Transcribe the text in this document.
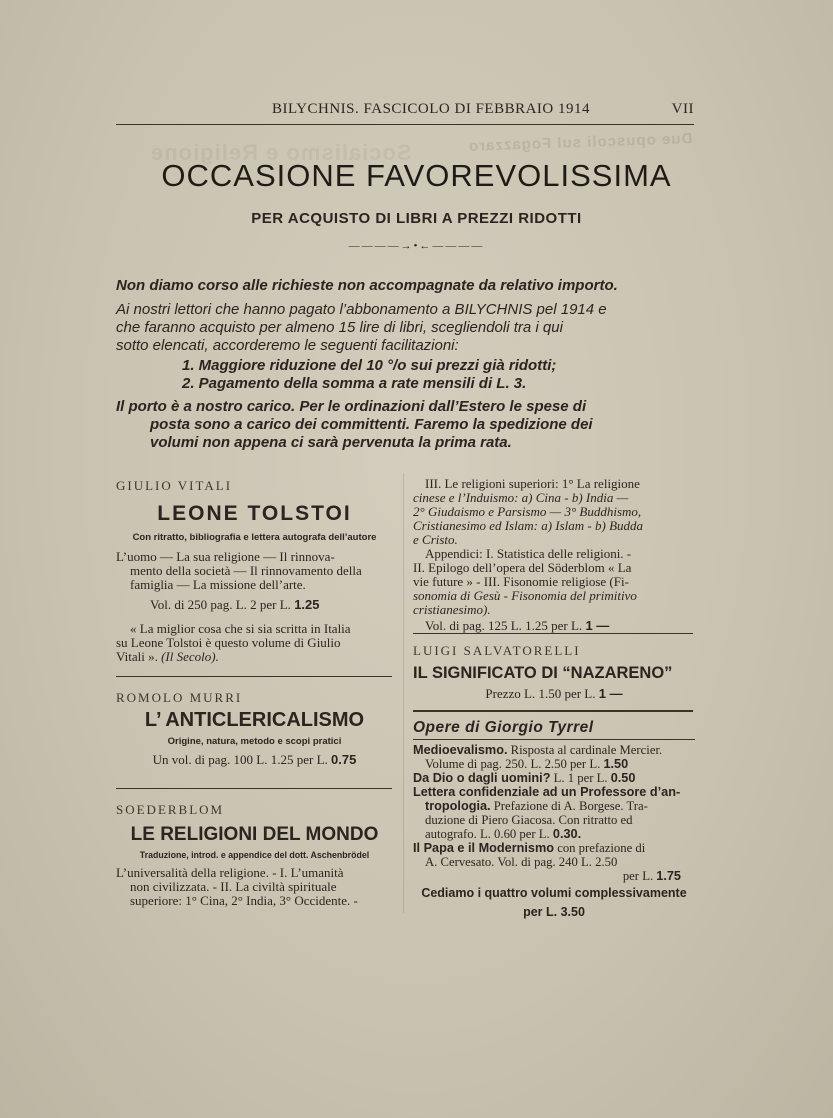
Due opuscoli sul Fogazzaro
Socialismo e Religione
BILYCHNIS. FASCICOLO DI FEBBRAIO 1914	VII
OCCASIONE FAVOREVOLISSIMA
PER ACQUISTO DI LIBRI A PREZZI RIDOTTI
————→•←————
Non diamo corso alle richieste non accompagnate da relativo importo.
Ai nostri lettori che hanno pagato l’abbonamento a BILYCHNIS pel 1914 e
che faranno acquisto per almeno 15 lire di libri, scegliendoli tra i qui
sotto elencati, accorderemo le seguenti facilitazioni:
1. Maggiore riduzione del 10 °/o sui prezzi già ridotti;
2. Pagamento della somma a rate mensili di L. 3.
Il porto è a nostro carico. Per le ordinazioni dall’Estero le spese di
posta sono a carico dei committenti. Faremo la spedizione dei
volumi non appena ci sarà pervenuta la prima rata.
GIULIO VITALI
LEONE TOLSTOI
Con ritratto, bibliografia e lettera autografa dell’autore
L’uomo — La sua religione — Il rinnova-
mento della società — Il rinnovamento della
famiglia — La missione dell’arte.
Vol. di 250 pag. L. 2 per L. 1.25
« La miglior cosa che si sia scritta in Italia
su Leone Tolstoi è questo volume di Giulio
Vitali ». (Il Secolo).
ROMOLO MURRI
L’ ANTICLERICALISMO
Origine, natura, metodo e scopi pratici
Un vol. di pag. 100 L. 1.25 per L. 0.75
SOEDERBLOM
LE RELIGIONI DEL MONDO
Traduzione, introd. e appendice del dott. Aschenbrödel
L’universalità della religione. - I. L’umanità
non civilizzata. - II. La civiltà spirituale
superiore: 1° Cina, 2° India, 3° Occidente. -
III. Le religioni superiori: 1° La religione
cinese e l’Induismo: a) Cina - b) India —
2° Giudaismo e Parsismo — 3° Buddhismo,
Cristianesimo ed Islam: a) Islam - b) Budda
e Cristo.
Appendici: I. Statistica delle religioni. -
II. Epilogo dell’opera del Söderblom « La
vie future » - III. Fisonomie religiose (Fi-
sonomia di Gesù - Fisonomia del primitivo
cristianesimo).
Vol. di pag. 125 L. 1.25 per L. 1 —
LUIGI SALVATORELLI
IL SIGNIFICATO DI “NAZARENO”
Prezzo L. 1.50 per L. 1 —
Opere di Giorgio Tyrrel
Medioevalismo. Risposta al cardinale Mercier.
Volume di pag. 250. L. 2.50 per L. 1.50
Da Dio o dagli uomini? L. 1 per L. 0.50
Lettera confidenziale ad un Professore d’an-
tropologia. Prefazione di A. Borgese. Tra-
duzione di Piero Giacosa. Con ritratto ed
autografo. L. 0.60 per L. 0.30.
Il Papa e il Modernismo con prefazione di
A. Cervesato. Vol. di pag. 240 L. 2.50
per L. 1.75
Cediamo i quattro volumi complessivamente
per L. 3.50
